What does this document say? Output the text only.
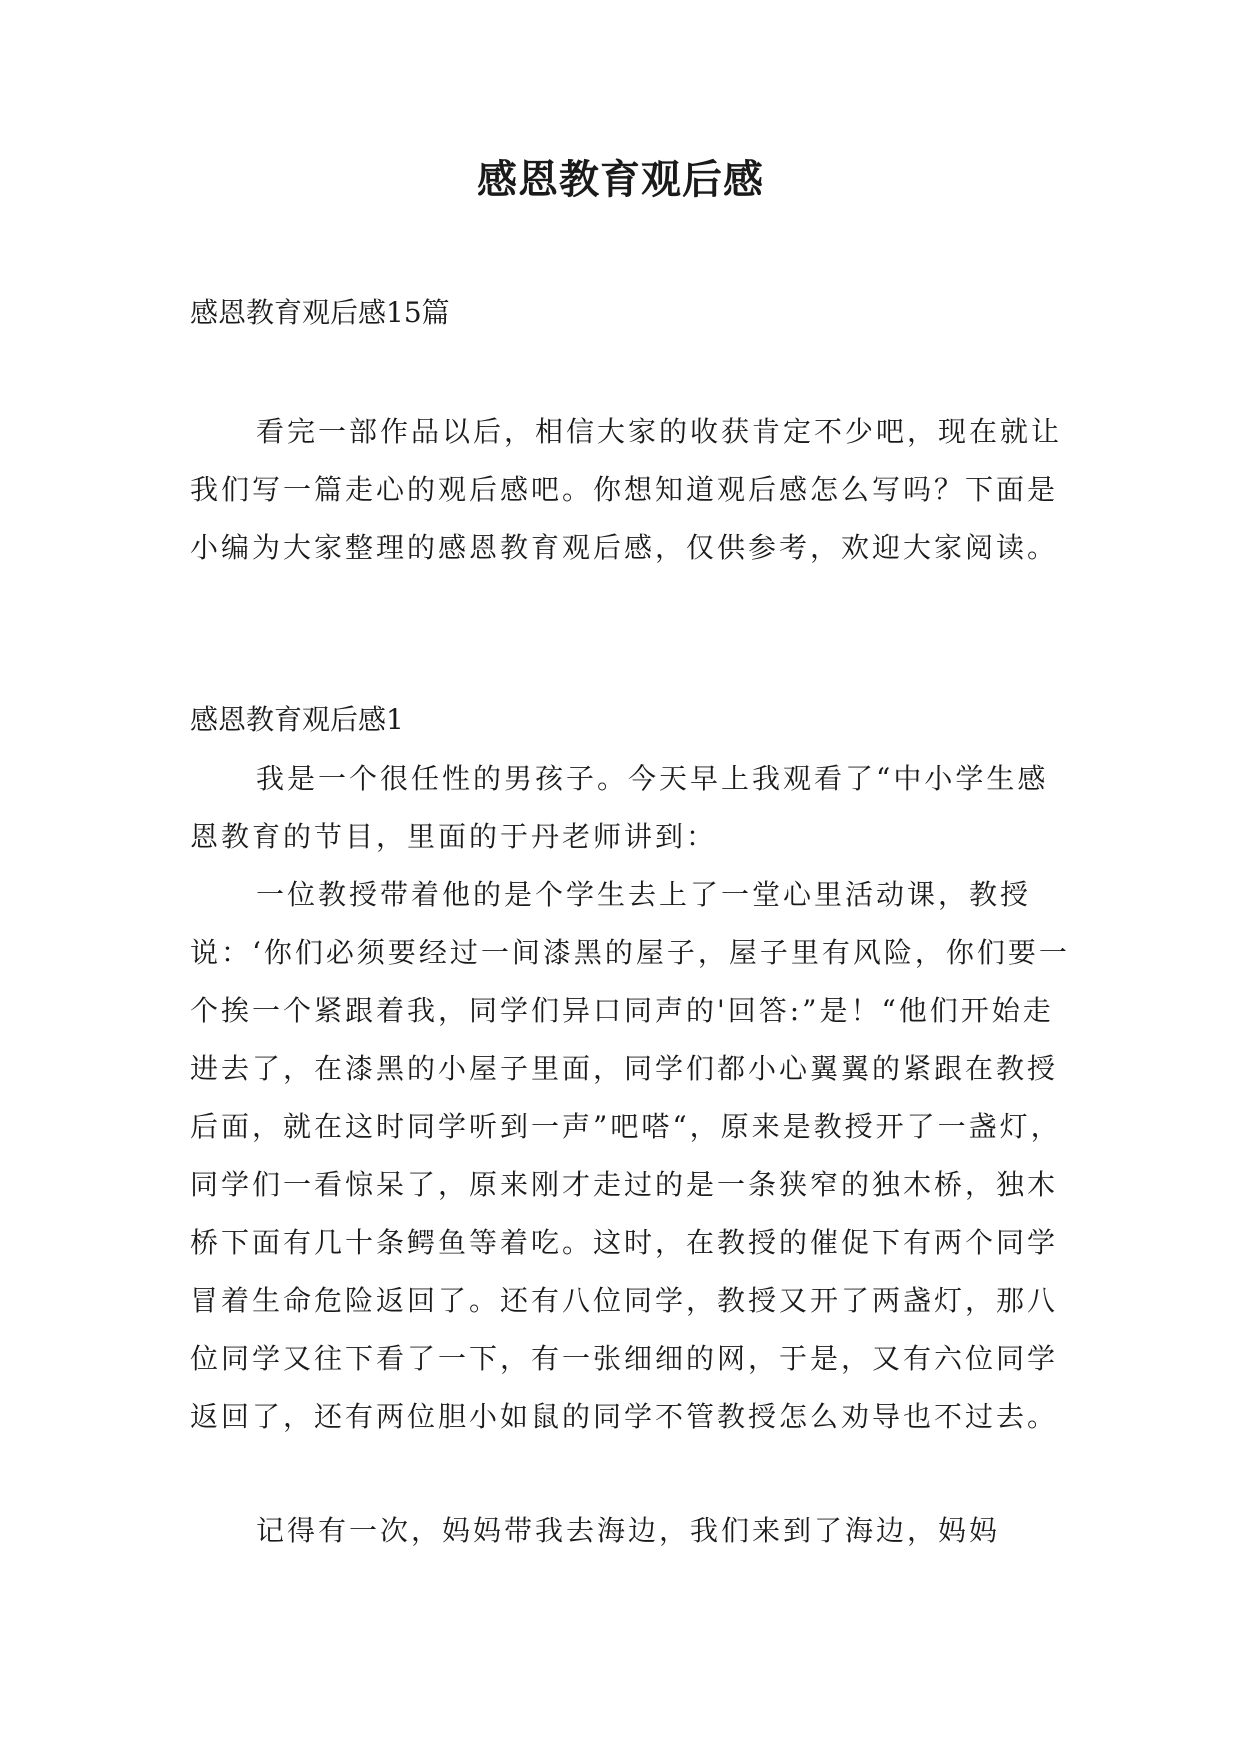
感恩教育观后感
感恩教育观后感15篇

看完一部作品以后，相信大家的收获肯定不少吧，现在就让我们写一篇走心的观后感吧。你想知道观后感怎么写吗？下面是小编为大家整理的感恩教育观后感，仅供参考，欢迎大家阅读。

感恩教育观后感1

我是一个很任性的男孩子。今天早上我观看了“中小学生感恩教育的节目，里面的于丹老师讲到：

一位教授带着他的是个学生去上了一堂心里活动课，教授说：‘你们必须要经过一间漆黑的屋子，屋子里有风险，你们要一个挨一个紧跟着我，同学们异口同声的'回答:”是！“他们开始走进去了，在漆黑的小屋子里面，同学们都小心翼翼的紧跟在教授后面，就在这时同学听到一声”吧嗒“，原来是教授开了一盏灯，同学们一看惊呆了，原来刚才走过的是一条狭窄的独木桥，独木桥下面有几十条鳄鱼等着吃。这时，在教授的催促下有两个同学冒着生命危险返回了。还有八位同学，教授又开了两盏灯，那八位同学又往下看了一下，有一张细细的网，于是，又有六位同学返回了，还有两位胆小如鼠的同学不管教授怎么劝导也不过去。

记得有一次，妈妈带我去海边，我们来到了海边，妈妈
